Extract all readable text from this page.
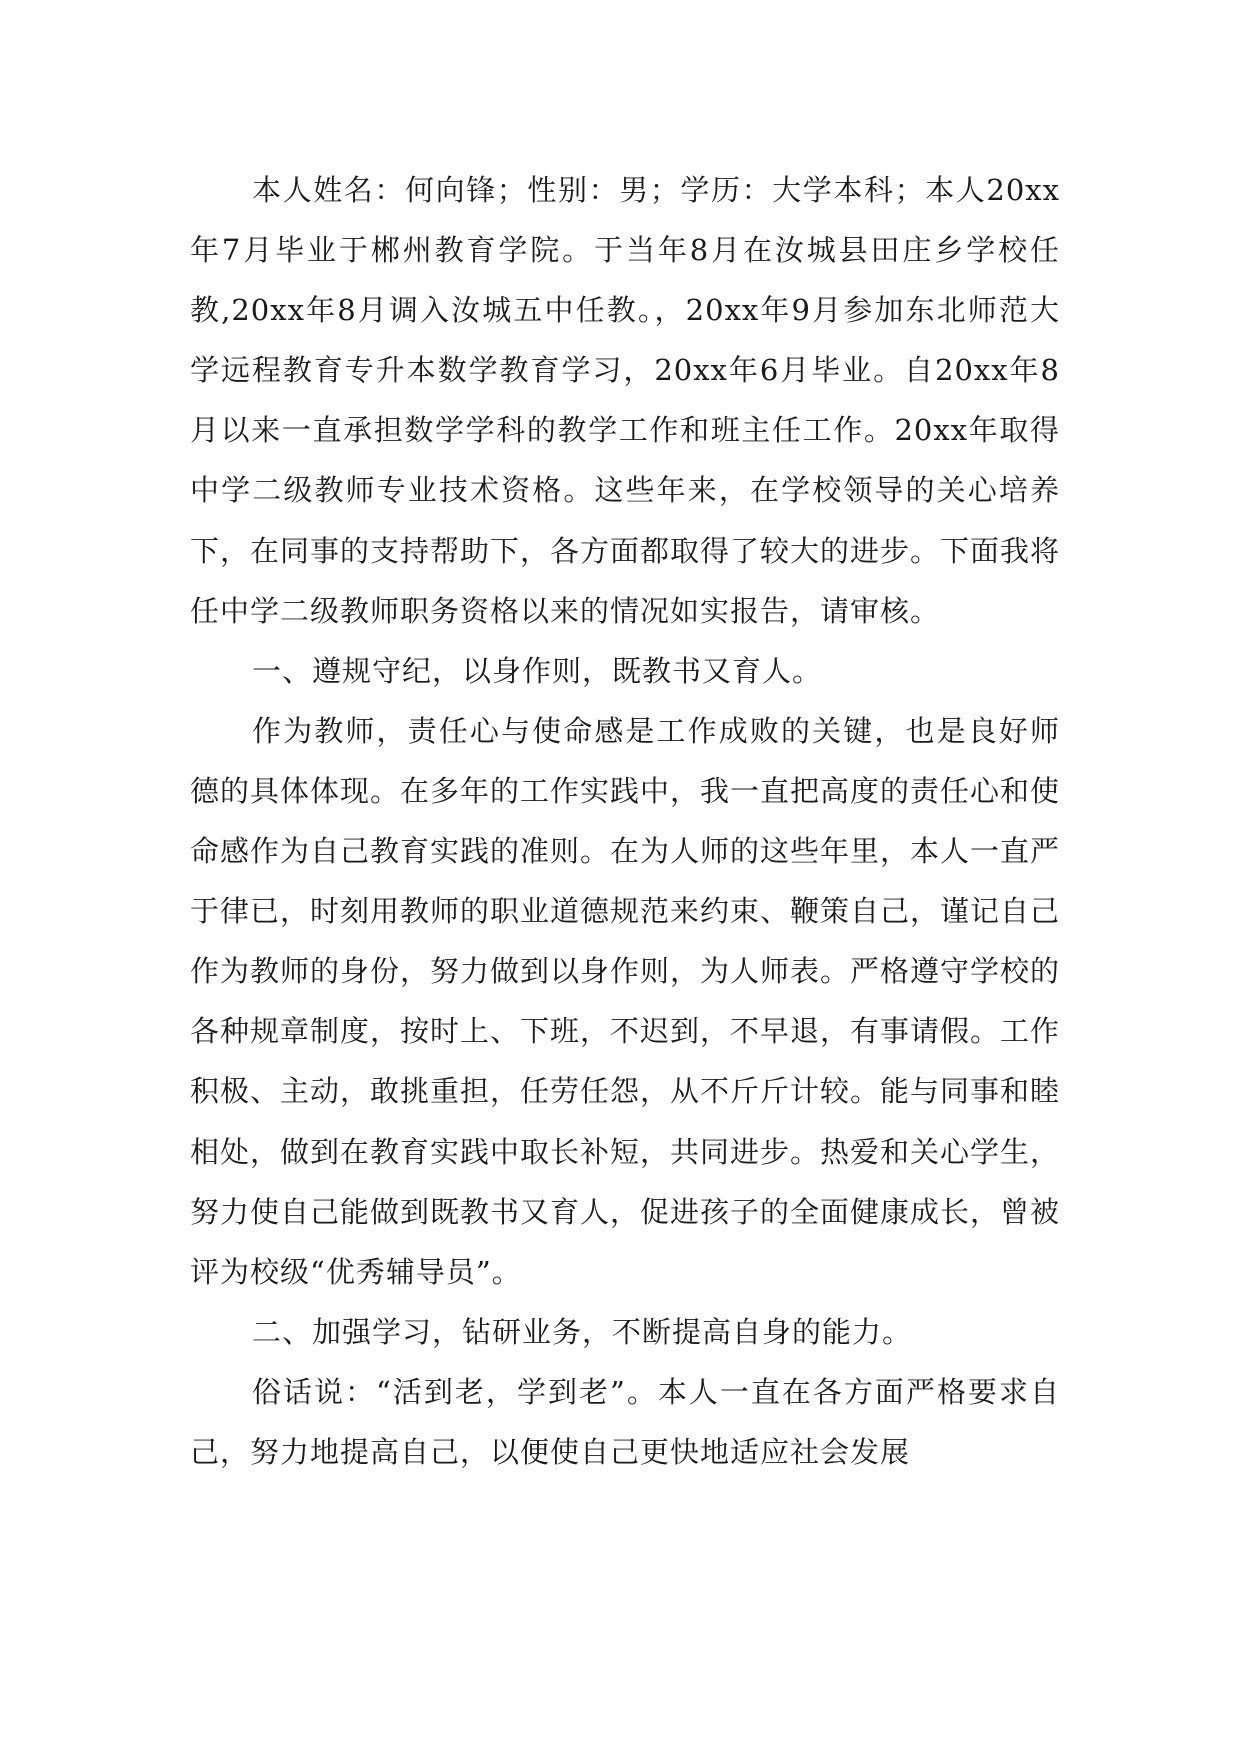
本人姓名：何向锋；性别：男；学历：大学本科；本人20xx年7月毕业于郴州教育学院。于当年8月在汝城县田庄乡学校任教,20xx年8月调入汝城五中任教。，20xx年9月参加东北师范大学远程教育专升本数学教育学习，20xx年6月毕业。自20xx年8月以来一直承担数学学科的教学工作和班主任工作。20xx年取得中学二级教师专业技术资格。这些年来，在学校领导的关心培养下，在同事的支持帮助下，各方面都取得了较大的进步。下面我将任中学二级教师职务资格以来的情况如实报告，请审核。

一、遵规守纪，以身作则，既教书又育人。

作为教师，责任心与使命感是工作成败的关键，也是良好师德的具体体现。在多年的工作实践中，我一直把高度的责任心和使命感作为自己教育实践的准则。在为人师的这些年里，本人一直严于律已，时刻用教师的职业道德规范来约束、鞭策自己，谨记自己作为教师的身份，努力做到以身作则，为人师表。严格遵守学校的各种规章制度，按时上、下班，不迟到，不早退，有事请假。工作积极、主动，敢挑重担，任劳任怨，从不斤斤计较。能与同事和睦相处，做到在教育实践中取长补短，共同进步。热爱和关心学生，努力使自己能做到既教书又育人，促进孩子的全面健康成长，曾被评为校级“优秀辅导员”。

二、加强学习，钻研业务，不断提高自身的能力。

俗话说：“活到老，学到老”。本人一直在各方面严格要求自己，努力地提高自己，以便使自己更快地适应社会发展
